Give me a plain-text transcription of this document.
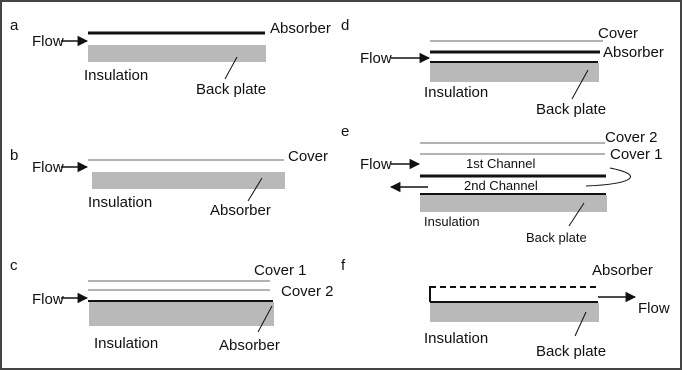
a
Flow
Absorber
Insulation
Back plate
b
Flow
Cover
Insulation	Absorber
c	Cover 1
Cover 2
Flow
Insulation	Absorber
d	Cover
Absorber
Flow
Insulation
Back plate
e	Cover 2
Cover 1
Flow	1st Channel
2nd Channel
Insulation
Back plate
f	Absorber
Flow
Insulation
Back plate
